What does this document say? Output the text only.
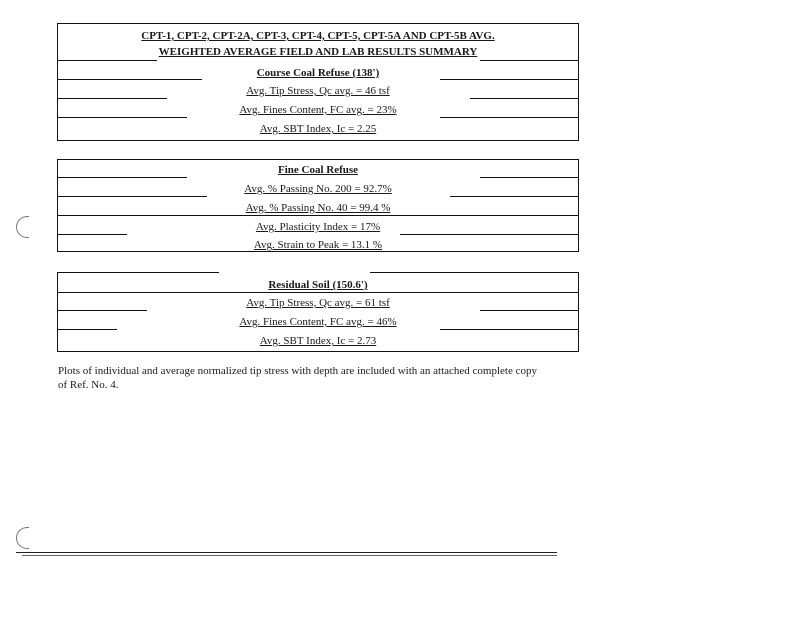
CPT-1, CPT-2, CPT-2A, CPT-3, CPT-4, CPT-5, CPT-5A AND CPT-5B AVG.
WEIGHTED AVERAGE FIELD AND LAB RESULTS SUMMARY
Course Coal Refuse (138')
Avg. Tip Stress, Qc avg. = 46 tsf
Avg. Fines Content, FC avg. = 23%
Avg. SBT Index, Ic = 2.25
Fine Coal Refuse
Avg. % Passing No. 200 = 92.7%
Avg. % Passing No. 40 = 99.4 %
Avg. Plasticity Index = 17%
Avg. Strain to Peak = 13.1 %
Residual Soil (150.6')
Avg. Tip Stress, Qc avg. = 61 tsf
Avg. Fines Content, FC avg. = 46%
Avg. SBT Index, Ic = 2.73
Plots of individual and average normalized tip stress with depth are included with an attached complete copy of Ref. No. 4.
